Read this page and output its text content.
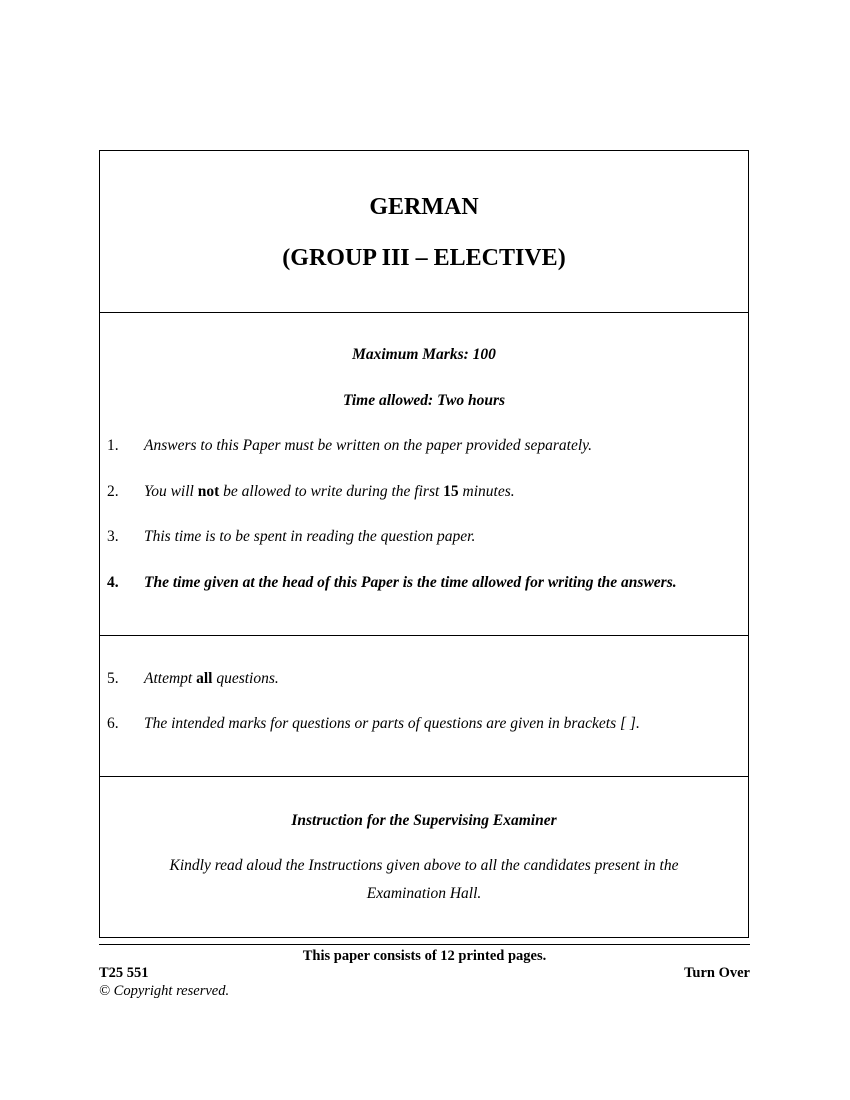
GERMAN
(GROUP III – ELECTIVE)
Maximum Marks: 100
Time allowed: Two hours
1. Answers to this Paper must be written on the paper provided separately.
2. You will not be allowed to write during the first 15 minutes.
3. This time is to be spent in reading the question paper.
4. The time given at the head of this Paper is the time allowed for writing the answers.
5. Attempt all questions.
6. The intended marks for questions or parts of questions are given in brackets [ ].
Instruction for the Supervising Examiner
Kindly read aloud the Instructions given above to all the candidates present in the Examination Hall.
This paper consists of 12 printed pages.
T25 551	Turn Over
© Copyright reserved.
